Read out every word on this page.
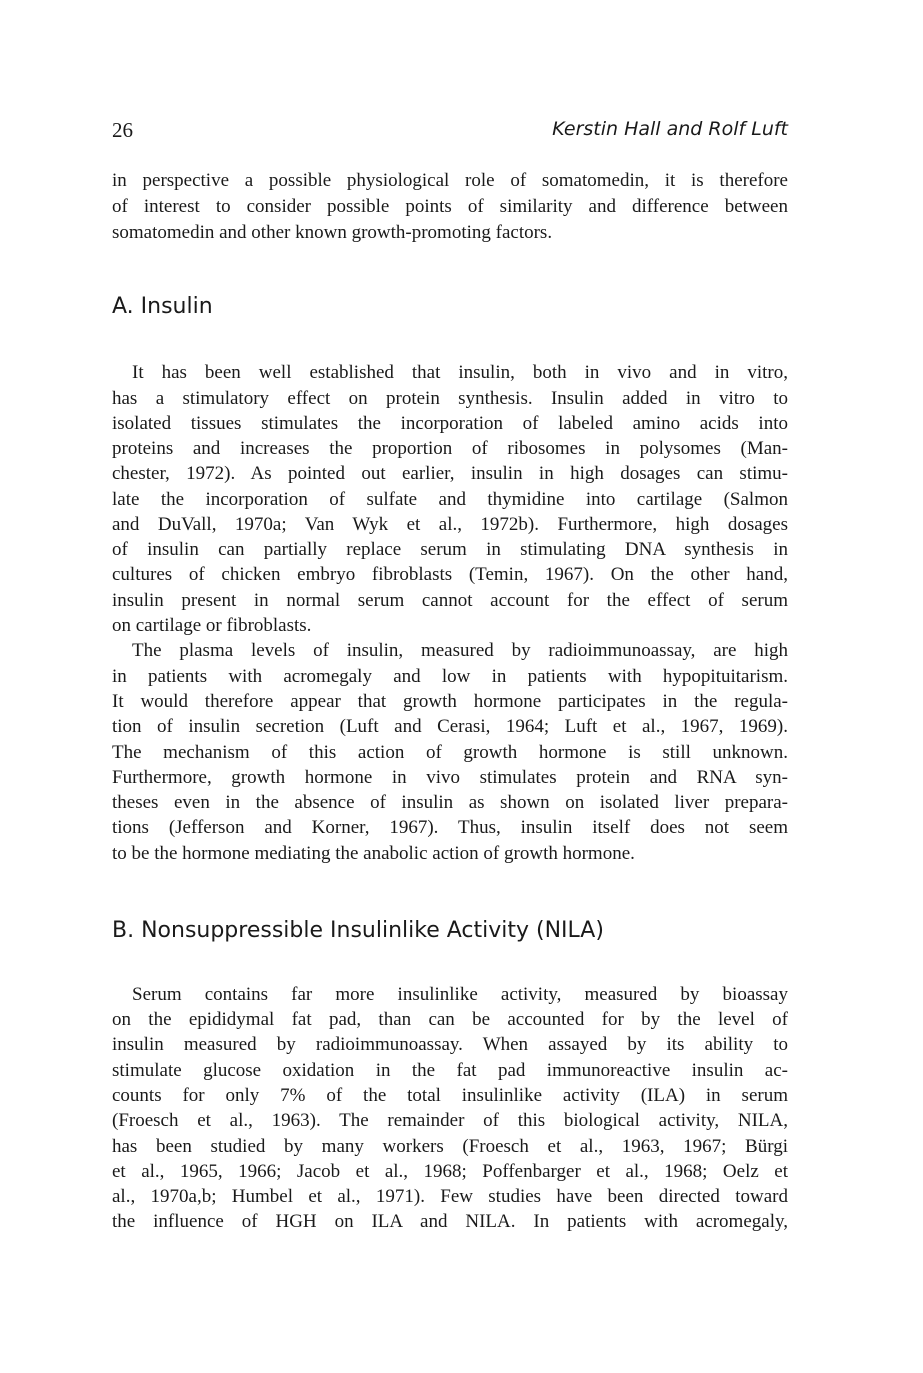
26	Kerstin Hall and Rolf Luft
in perspective a possible physiological role of somatomedin, it is therefore
of interest to consider possible points of similarity and difference between
somatomedin and other known growth-promoting factors.
A. Insulin
It has been well established that insulin, both in vivo and in vitro,
has a stimulatory effect on protein synthesis. Insulin added in vitro to
isolated tissues stimulates the incorporation of labeled amino acids into
proteins and increases the proportion of ribosomes in polysomes (Man-
chester, 1972). As pointed out earlier, insulin in high dosages can stimu-
late the incorporation of sulfate and thymidine into cartilage (Salmon
and DuVall, 1970a; Van Wyk et al., 1972b). Furthermore, high dosages
of insulin can partially replace serum in stimulating DNA synthesis in
cultures of chicken embryo fibroblasts (Temin, 1967). On the other hand,
insulin present in normal serum cannot account for the effect of serum
on cartilage or fibroblasts.
The plasma levels of insulin, measured by radioimmunoassay, are high
in patients with acromegaly and low in patients with hypopituitarism.
It would therefore appear that growth hormone participates in the regula-
tion of insulin secretion (Luft and Cerasi, 1964; Luft et al., 1967, 1969).
The mechanism of this action of growth hormone is still unknown.
Furthermore, growth hormone in vivo stimulates protein and RNA syn-
theses even in the absence of insulin as shown on isolated liver prepara-
tions (Jefferson and Korner, 1967). Thus, insulin itself does not seem
to be the hormone mediating the anabolic action of growth hormone.
B. Nonsuppressible Insulinlike Activity (NILA)
Serum contains far more insulinlike activity, measured by bioassay
on the epididymal fat pad, than can be accounted for by the level of
insulin measured by radioimmunoassay. When assayed by its ability to
stimulate glucose oxidation in the fat pad immunoreactive insulin ac-
counts for only 7% of the total insulinlike activity (ILA) in serum
(Froesch et al., 1963). The remainder of this biological activity, NILA,
has been studied by many workers (Froesch et al., 1963, 1967; Bürgi
et al., 1965, 1966; Jacob et al., 1968; Poffenbarger et al., 1968; Oelz et
al., 1970a,b; Humbel et al., 1971). Few studies have been directed toward
the influence of HGH on ILA and NILA. In patients with acromegaly,
